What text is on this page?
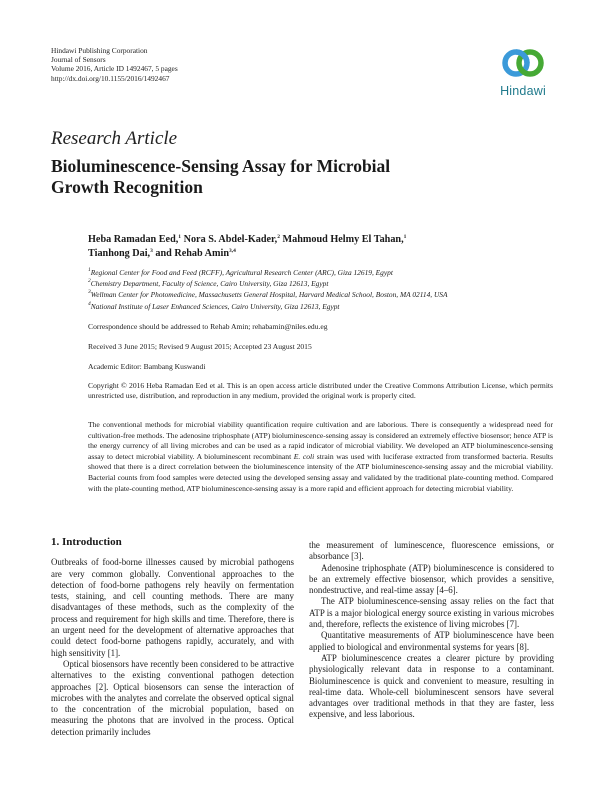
Hindawi Publishing Corporation
Journal of Sensors
Volume 2016, Article ID 1492467, 5 pages
http://dx.doi.org/10.1155/2016/1492467
Hindawi
Research Article
Bioluminescence-Sensing Assay for Microbial
Growth Recognition
Heba Ramadan Eed,$^1$ Nora S. Abdel-Kader,$^2$ Mahmoud Helmy El Tahan,$^1$
Tianhong Dai,$^3$ and Rehab Amin$^{3,4}$
$^1$Regional Center for Food and Feed (RCFF), Agricultural Research Center (ARC), Giza 12619, Egypt
$^2$Chemistry Department, Faculty of Science, Cairo University, Giza 12613, Egypt
$^3$Wellman Center for Photomedicine, Massachusetts General Hospital, Harvard Medical School, Boston, MA 02114, USA
$^4$National Institute of Laser Enhanced Sciences, Cairo University, Giza 12613, Egypt
Correspondence should be addressed to Rehab Amin; rehabamin@niles.edu.eg
Received 3 June 2015; Revised 9 August 2015; Accepted 23 August 2015
Academic Editor: Bambang Kuswandi
Copyright © 2016 Heba Ramadan Eed et al. This is an open access article distributed under the Creative Commons Attribution License, which permits unrestricted use, distribution, and reproduction in any medium, provided the original work is properly cited.
The conventional methods for microbial viability quantification require cultivation and are laborious. There is consequently a widespread need for cultivation-free methods. The adenosine triphosphate (ATP) bioluminescence-sensing assay is considered an extremely effective biosensor; hence ATP is the energy currency of all living microbes and can be used as a rapid indicator of microbial viability. We developed an ATP bioluminescence-sensing assay to detect microbial viability. A bioluminescent recombinant E. coli strain was used with luciferase extracted from transformed bacteria. Results showed that there is a direct correlation between the bioluminescence intensity of the ATP bioluminescence-sensing assay and the microbial viability. Bacterial counts from food samples were detected using the developed sensing assay and validated by the traditional plate-counting method. Compared with the plate-counting method, ATP bioluminescence-sensing assay is a more rapid and efficient approach for detecting microbial viability.
1. Introduction

Outbreaks of food-borne illnesses caused by microbial pathogens are very common globally. Conventional approaches to the detection of food-borne pathogens rely heavily on fermentation tests, staining, and cell counting methods. There are many disadvantages of these methods, such as the complexity of the process and requirement for high skills and time. Therefore, there is an urgent need for the development of alternative approaches that could detect food-borne pathogens rapidly, accurately, and with high sensitivity [1].

Optical biosensors have recently been considered to be attractive alternatives to the existing conventional pathogen detection approaches [2]. Optical biosensors can sense the interaction of microbes with the analytes and correlate the observed optical signal to the concentration of the microbial population, based on measuring the photons that are involved in the process. Optical detection primarily includes

the measurement of luminescence, fluorescence emissions, or absorbance [3].

Adenosine triphosphate (ATP) bioluminescence is considered to be an extremely effective biosensor, which provides a sensitive, nondestructive, and real-time assay [4–6].

The ATP bioluminescence-sensing assay relies on the fact that ATP is a major biological energy source existing in various microbes and, therefore, reflects the existence of living microbes [7].

Quantitative measurements of ATP bioluminescence have been applied to biological and environmental systems for years [8].

ATP bioluminescence creates a clearer picture by providing physiologically relevant data in response to a contaminant. Bioluminescence is quick and convenient to measure, resulting in real-time data. Whole-cell bioluminescent sensors have several advantages over traditional methods in that they are faster, less expensive, and less laborious.
